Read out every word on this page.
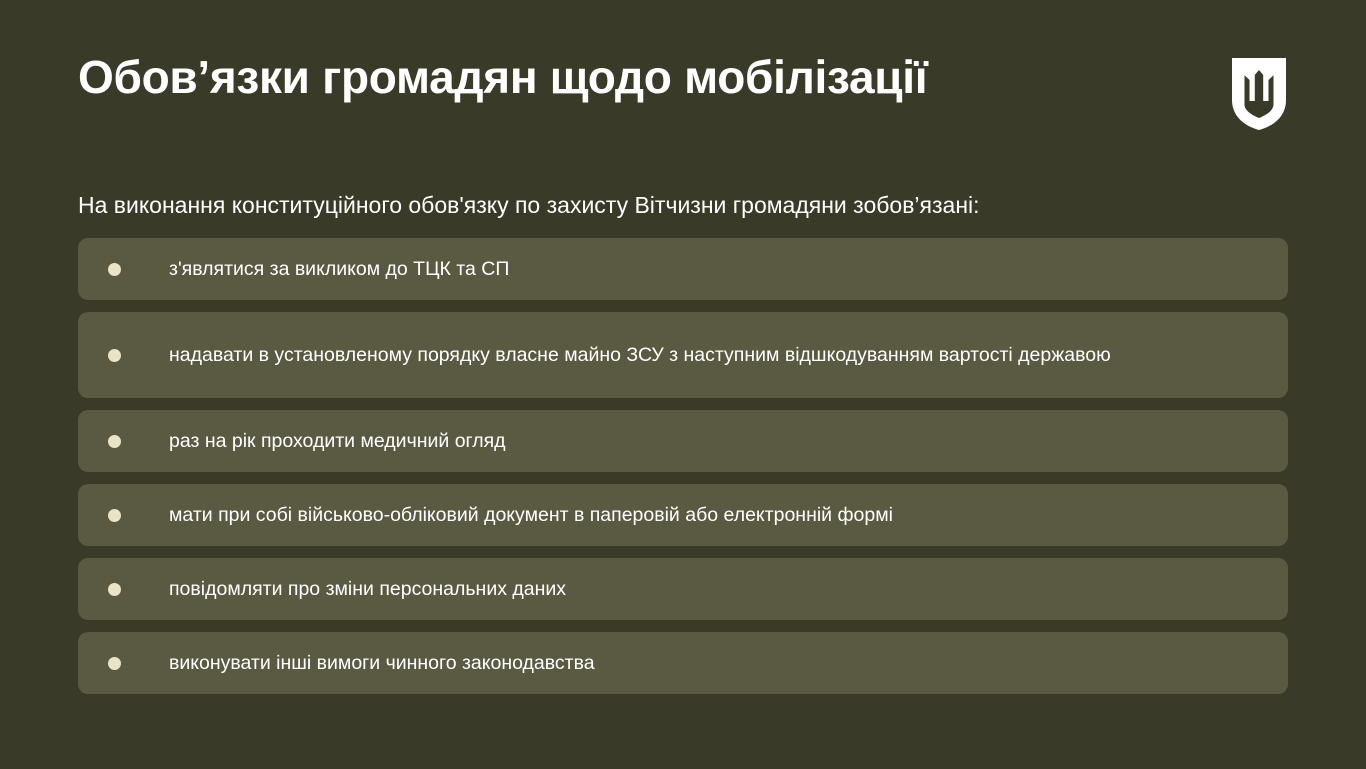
Обов’язки громадян щодо мобілізації
На виконання конституційного обов'язку по захисту Вітчизни громадяни зобов’язані:
з'являтися за викликом до ТЦК та СП
надавати в установленому порядку власне майно ЗСУ з наступним відшкодуванням вартості державою
раз на рік проходити медичний огляд
мати при собі військово-обліковий документ в паперовій або електронній формі
повідомляти про зміни персональних даних
виконувати інші вимоги чинного законодавства
